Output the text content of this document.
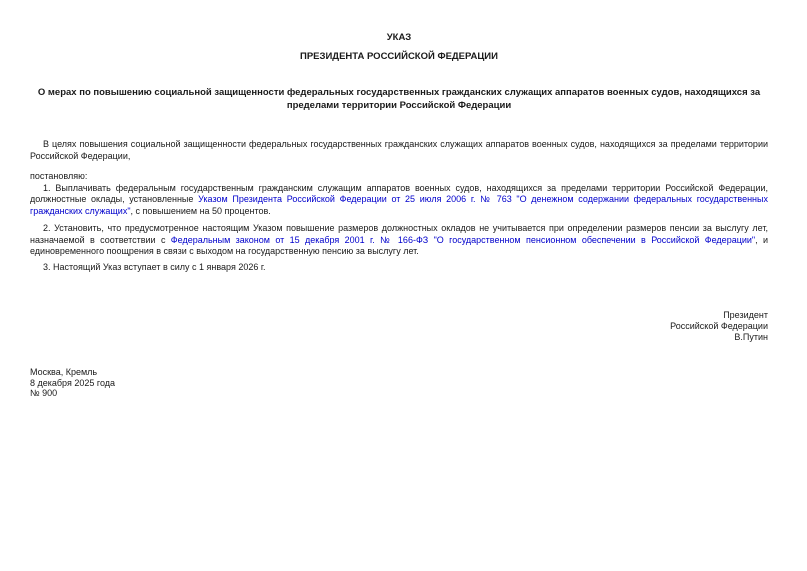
УКАЗ
ПРЕЗИДЕНТА РОССИЙСКОЙ ФЕДЕРАЦИИ
О мерах по повышению социальной защищенности федеральных государственных гражданских служащих аппаратов военных судов, находящихся за пределами территории Российской Федерации

В целях повышения социальной защищенности федеральных государственных гражданских служащих аппаратов военных судов, находящихся за пределами территории Российской Федерации,

постановляю:

1. Выплачивать федеральным государственным гражданским служащим аппаратов военных судов, находящихся за пределами территории Российской Федерации, должностные оклады, установленные Указом Президента Российской Федерации от 25 июля 2006 г. № 763 "О денежном содержании федеральных государственных гражданских служащих", с повышением на 50 процентов.

2. Установить, что предусмотренное настоящим Указом повышение размеров должностных окладов не учитывается при определении размеров пенсии за выслугу лет, назначаемой в соответствии с Федеральным законом от 15 декабря 2001 г. № 166-ФЗ "О государственном пенсионном обеспечении в Российской Федерации", и единовременного поощрения в связи с выходом на государственную пенсию за выслугу лет.

3. Настоящий Указ вступает в силу с 1 января 2026 г.

Президент
Российской Федерации
В.Путин
Москва, Кремль
8 декабря 2025 года
№ 900
